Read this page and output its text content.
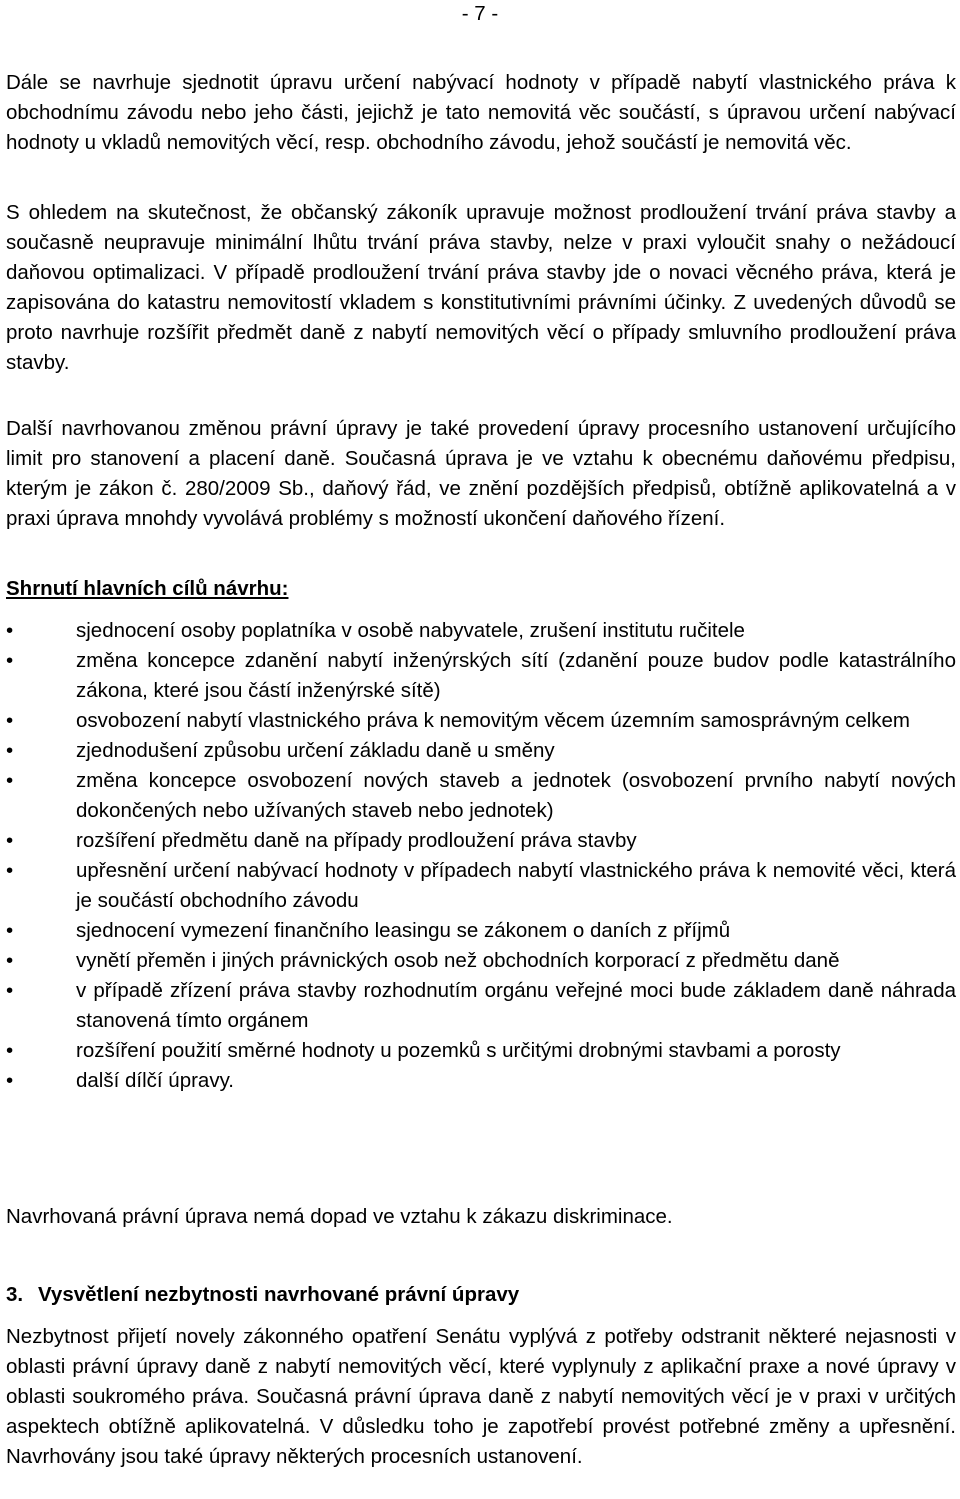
- 7 -

Dále se navrhuje sjednotit úpravu určení nabývací hodnoty v případě nabytí vlastnického práva k obchodnímu závodu nebo jeho části, jejichž je tato nemovitá věc součástí, s úpravou určení nabývací hodnoty u vkladů nemovitých věcí, resp. obchodního závodu, jehož součástí je nemovitá věc.

S ohledem na skutečnost, že občanský zákoník upravuje možnost prodloužení trvání práva stavby a současně neupravuje minimální lhůtu trvání práva stavby, nelze v praxi vyloučit snahy o nežádoucí daňovou optimalizaci. V případě prodloužení trvání práva stavby jde o novaci věcného práva, která je zapisována do katastru nemovitostí vkladem s konstitutivními právními účinky. Z uvedených důvodů se proto navrhuje rozšířit předmět daně z nabytí nemovitých věcí o případy smluvního prodloužení práva stavby.

Další navrhovanou změnou právní úpravy je také provedení úpravy procesního ustanovení určujícího limit pro stanovení a placení daně. Současná úprava je ve vztahu k obecnému daňovému předpisu, kterým je zákon č. 280/2009 Sb., daňový řád, ve znění pozdějších předpisů, obtížně aplikovatelná a v praxi úprava mnohdy vyvolává problémy s možností ukončení daňového řízení.

Shrnutí hlavních cílů návrhu:

•	sjednocení osoby poplatníka v osobě nabyvatele, zrušení institutu ručitele
•	změna koncepce zdanění nabytí inženýrských sítí (zdanění pouze budov podle katastrálního zákona, které jsou částí inženýrské sítě)
•	osvobození nabytí vlastnického práva k nemovitým věcem územním samosprávným celkem
•	zjednodušení způsobu určení základu daně u směny
•	změna koncepce osvobození nových staveb a jednotek (osvobození prvního nabytí nových dokončených nebo užívaných staveb nebo jednotek)
•	rozšíření předmětu daně na případy prodloužení práva stavby
•	upřesnění určení nabývací hodnoty v případech nabytí vlastnického práva k nemovité věci, která je součástí obchodního závodu
•	sjednocení vymezení finančního leasingu se zákonem o daních z příjmů
•	vynětí přeměn i jiných právnických osob než obchodních korporací z předmětu daně
•	v případě zřízení práva stavby rozhodnutím orgánu veřejné moci bude základem daně náhrada stanovená tímto orgánem
•	rozšíření použití směrné hodnoty u pozemků s určitými drobnými stavbami a porosty
•	další dílčí úpravy.

Navrhovaná právní úprava nemá dopad ve vztahu k zákazu diskriminace.

3. Vysvětlení nezbytnosti navrhované právní úpravy

Nezbytnost přijetí novely zákonného opatření Senátu vyplývá z potřeby odstranit některé nejasnosti v oblasti právní úpravy daně z nabytí nemovitých věcí, které vyplynuly z aplikační praxe a nové úpravy v oblasti soukromého práva. Současná právní úprava daně z nabytí nemovitých věcí je v praxi v určitých aspektech obtížně aplikovatelná. V důsledku toho je zapotřebí provést potřebné změny a upřesnění. Navrhovány jsou také úpravy některých procesních ustanovení.
